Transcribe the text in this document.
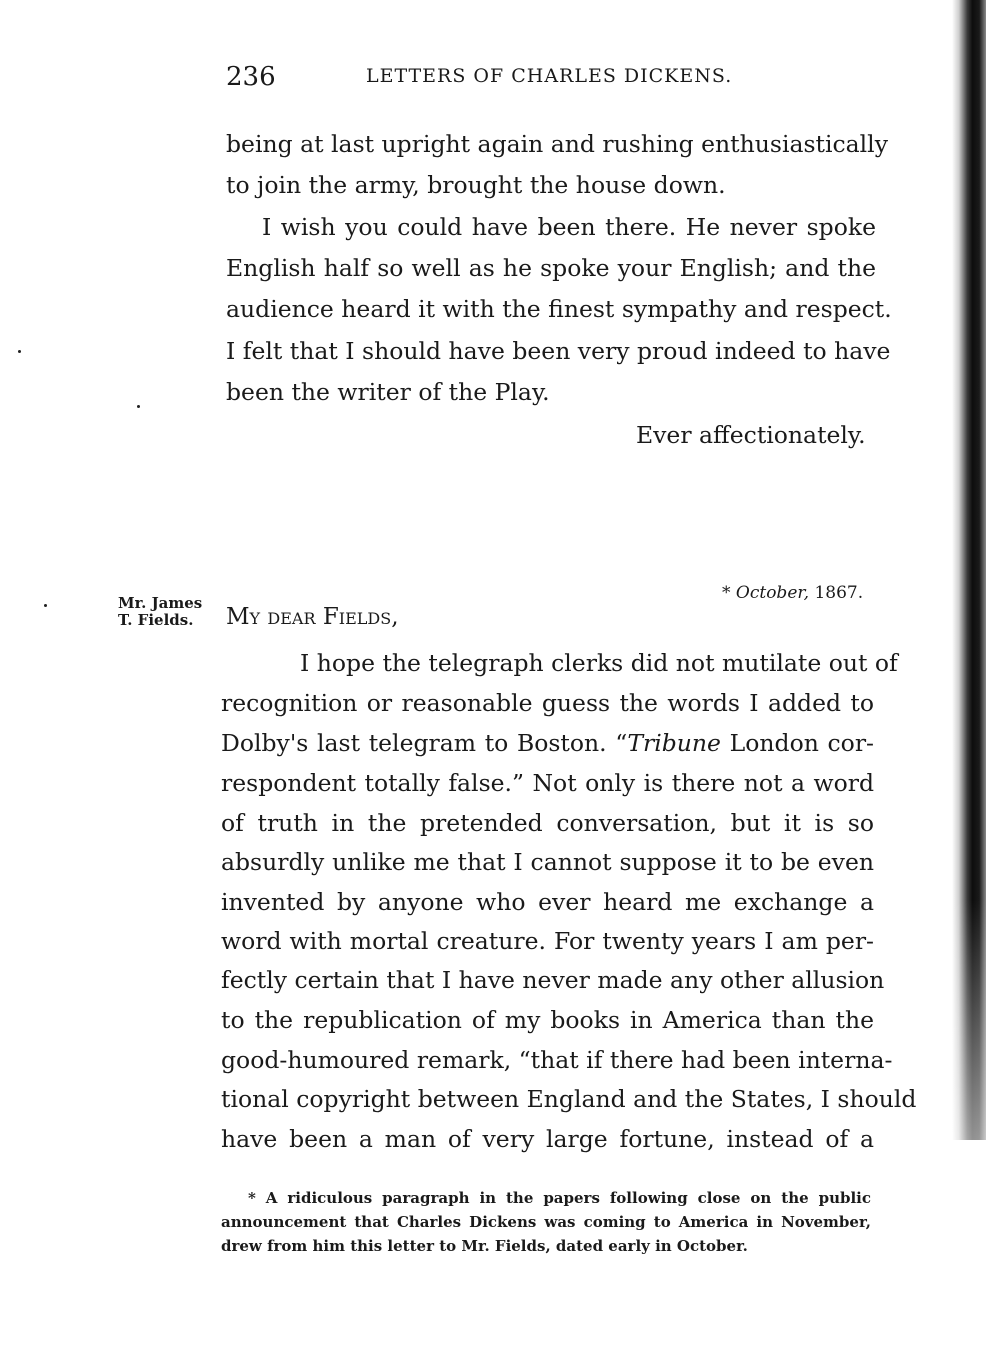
236	LETTERS OF CHARLES DICKENS.
being at last upright again and rushing enthusiastically
to join the army, brought the house down.
I wish you could have been there. He never spoke
English half so well as he spoke your English; and the
audience heard it with the finest sympathy and respect.
I felt that I should have been very proud indeed to have
been the writer of the Play.
Ever affectionately.
Mr. James
T. Fields.
* October, 1867.
My dear Fields,
I hope the telegraph clerks did not mutilate out of
recognition or reasonable guess the words I added to
Dolby's last telegram to Boston. “Tribune London cor-
respondent totally false.” Not only is there not a word
of truth in the pretended conversation, but it is so
absurdly unlike me that I cannot suppose it to be even
invented by anyone who ever heard me exchange a
word with mortal creature. For twenty years I am per-
fectly certain that I have never made any other allusion
to the republication of my books in America than the
good-humoured remark, “that if there had been interna-
tional copyright between England and the States, I should
have been a man of very large fortune, instead of a
* A ridiculous paragraph in the papers following close on the public
announcement that Charles Dickens was coming to America in November,
drew from him this letter to Mr. Fields, dated early in October.
